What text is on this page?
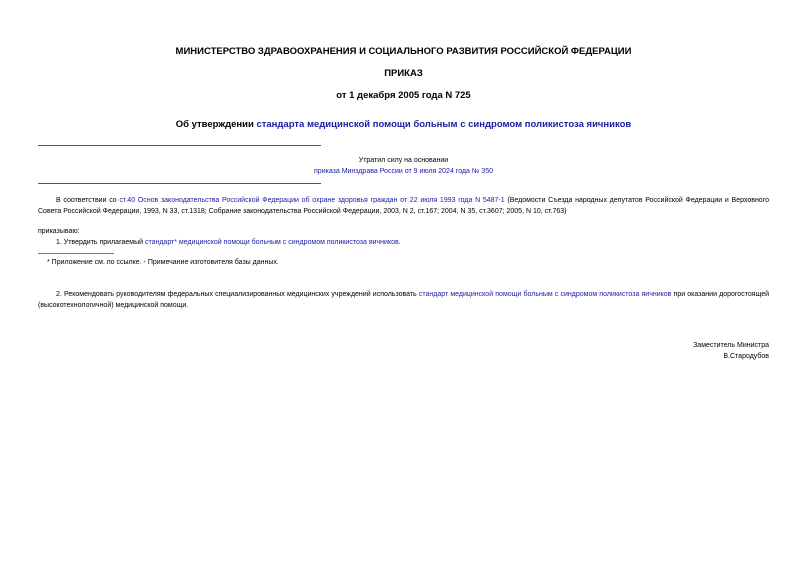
МИНИСТЕРСТВО ЗДРАВООХРАНЕНИЯ И СОЦИАЛЬНОГО РАЗВИТИЯ РОССИЙСКОЙ ФЕДЕРАЦИИ
ПРИКАЗ
от 1 декабря 2005 года N 725
Об утверждении стандарта медицинской помощи больным с синдромом поликистоза яичников
Утратил силу на основании
приказа Минздрава России от 9 июля 2024 года № 350
В соответствии со ст.40 Основ законодательства Российской Федерации об охране здоровья граждан от 22 июля 1993 года N 5487-1 (Ведомости Съезда народных депутатов Российской Федерации и Верховного Совета Российской Федерации, 1993, N 33, ст.1318; Собрание законодательства Российской Федерации, 2003, N 2, ст.167; 2004, N 35, ст.3607; 2005, N 10, ст.763)
приказываю:
1. Утвердить прилагаемый стандарт* медицинской помощи больным с синдромом поликистоза яичников.
* Приложение см. по ссылке. - Примечание изготовителя базы данных.
2. Рекомендовать руководителям федеральных специализированных медицинских учреждений использовать стандарт медицинской помощи больным с синдромом поликистоза яичников при оказании дорогостоящей (высокотехнологичной) медицинской помощи.
Заместитель Министра
В.Стародубов
